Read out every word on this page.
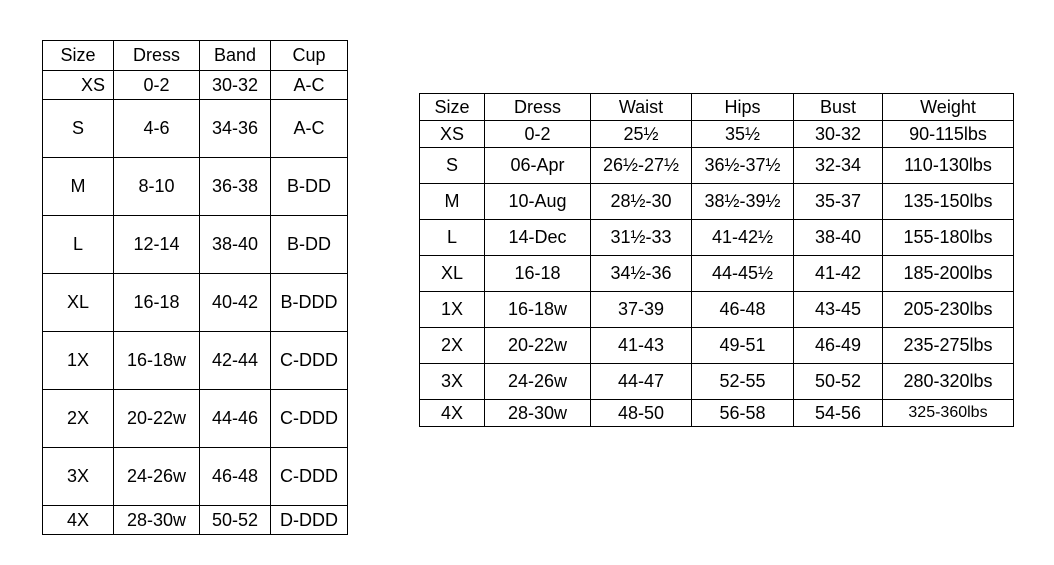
Size	Dress	Band	Cup
XS	0-2	30-32	A-C
S	4-6	34-36	A-C
M	8-10	36-38	B-DD
L	12-14	38-40	B-DD
XL	16-18	40-42	B-DDD
1X	16-18w	42-44	C-DDD
2X	20-22w	44-46	C-DDD
3X	24-26w	46-48	C-DDD
4X	28-30w	50-52	D-DDD
Size	Dress	Waist	Hips	Bust	Weight
XS	0-2	25½	35½	30-32	90-115lbs
S	06-Apr	26½-27½	36½-37½	32-34	110-130lbs
M	10-Aug	28½-30	38½-39½	35-37	135-150lbs
L	14-Dec	31½-33	41-42½	38-40	155-180lbs
XL	16-18	34½-36	44-45½	41-42	185-200lbs
1X	16-18w	37-39	46-48	43-45	205-230lbs
2X	20-22w	41-43	49-51	46-49	235-275lbs
3X	24-26w	44-47	52-55	50-52	280-320lbs
4X	28-30w	48-50	56-58	54-56	325-360lbs
